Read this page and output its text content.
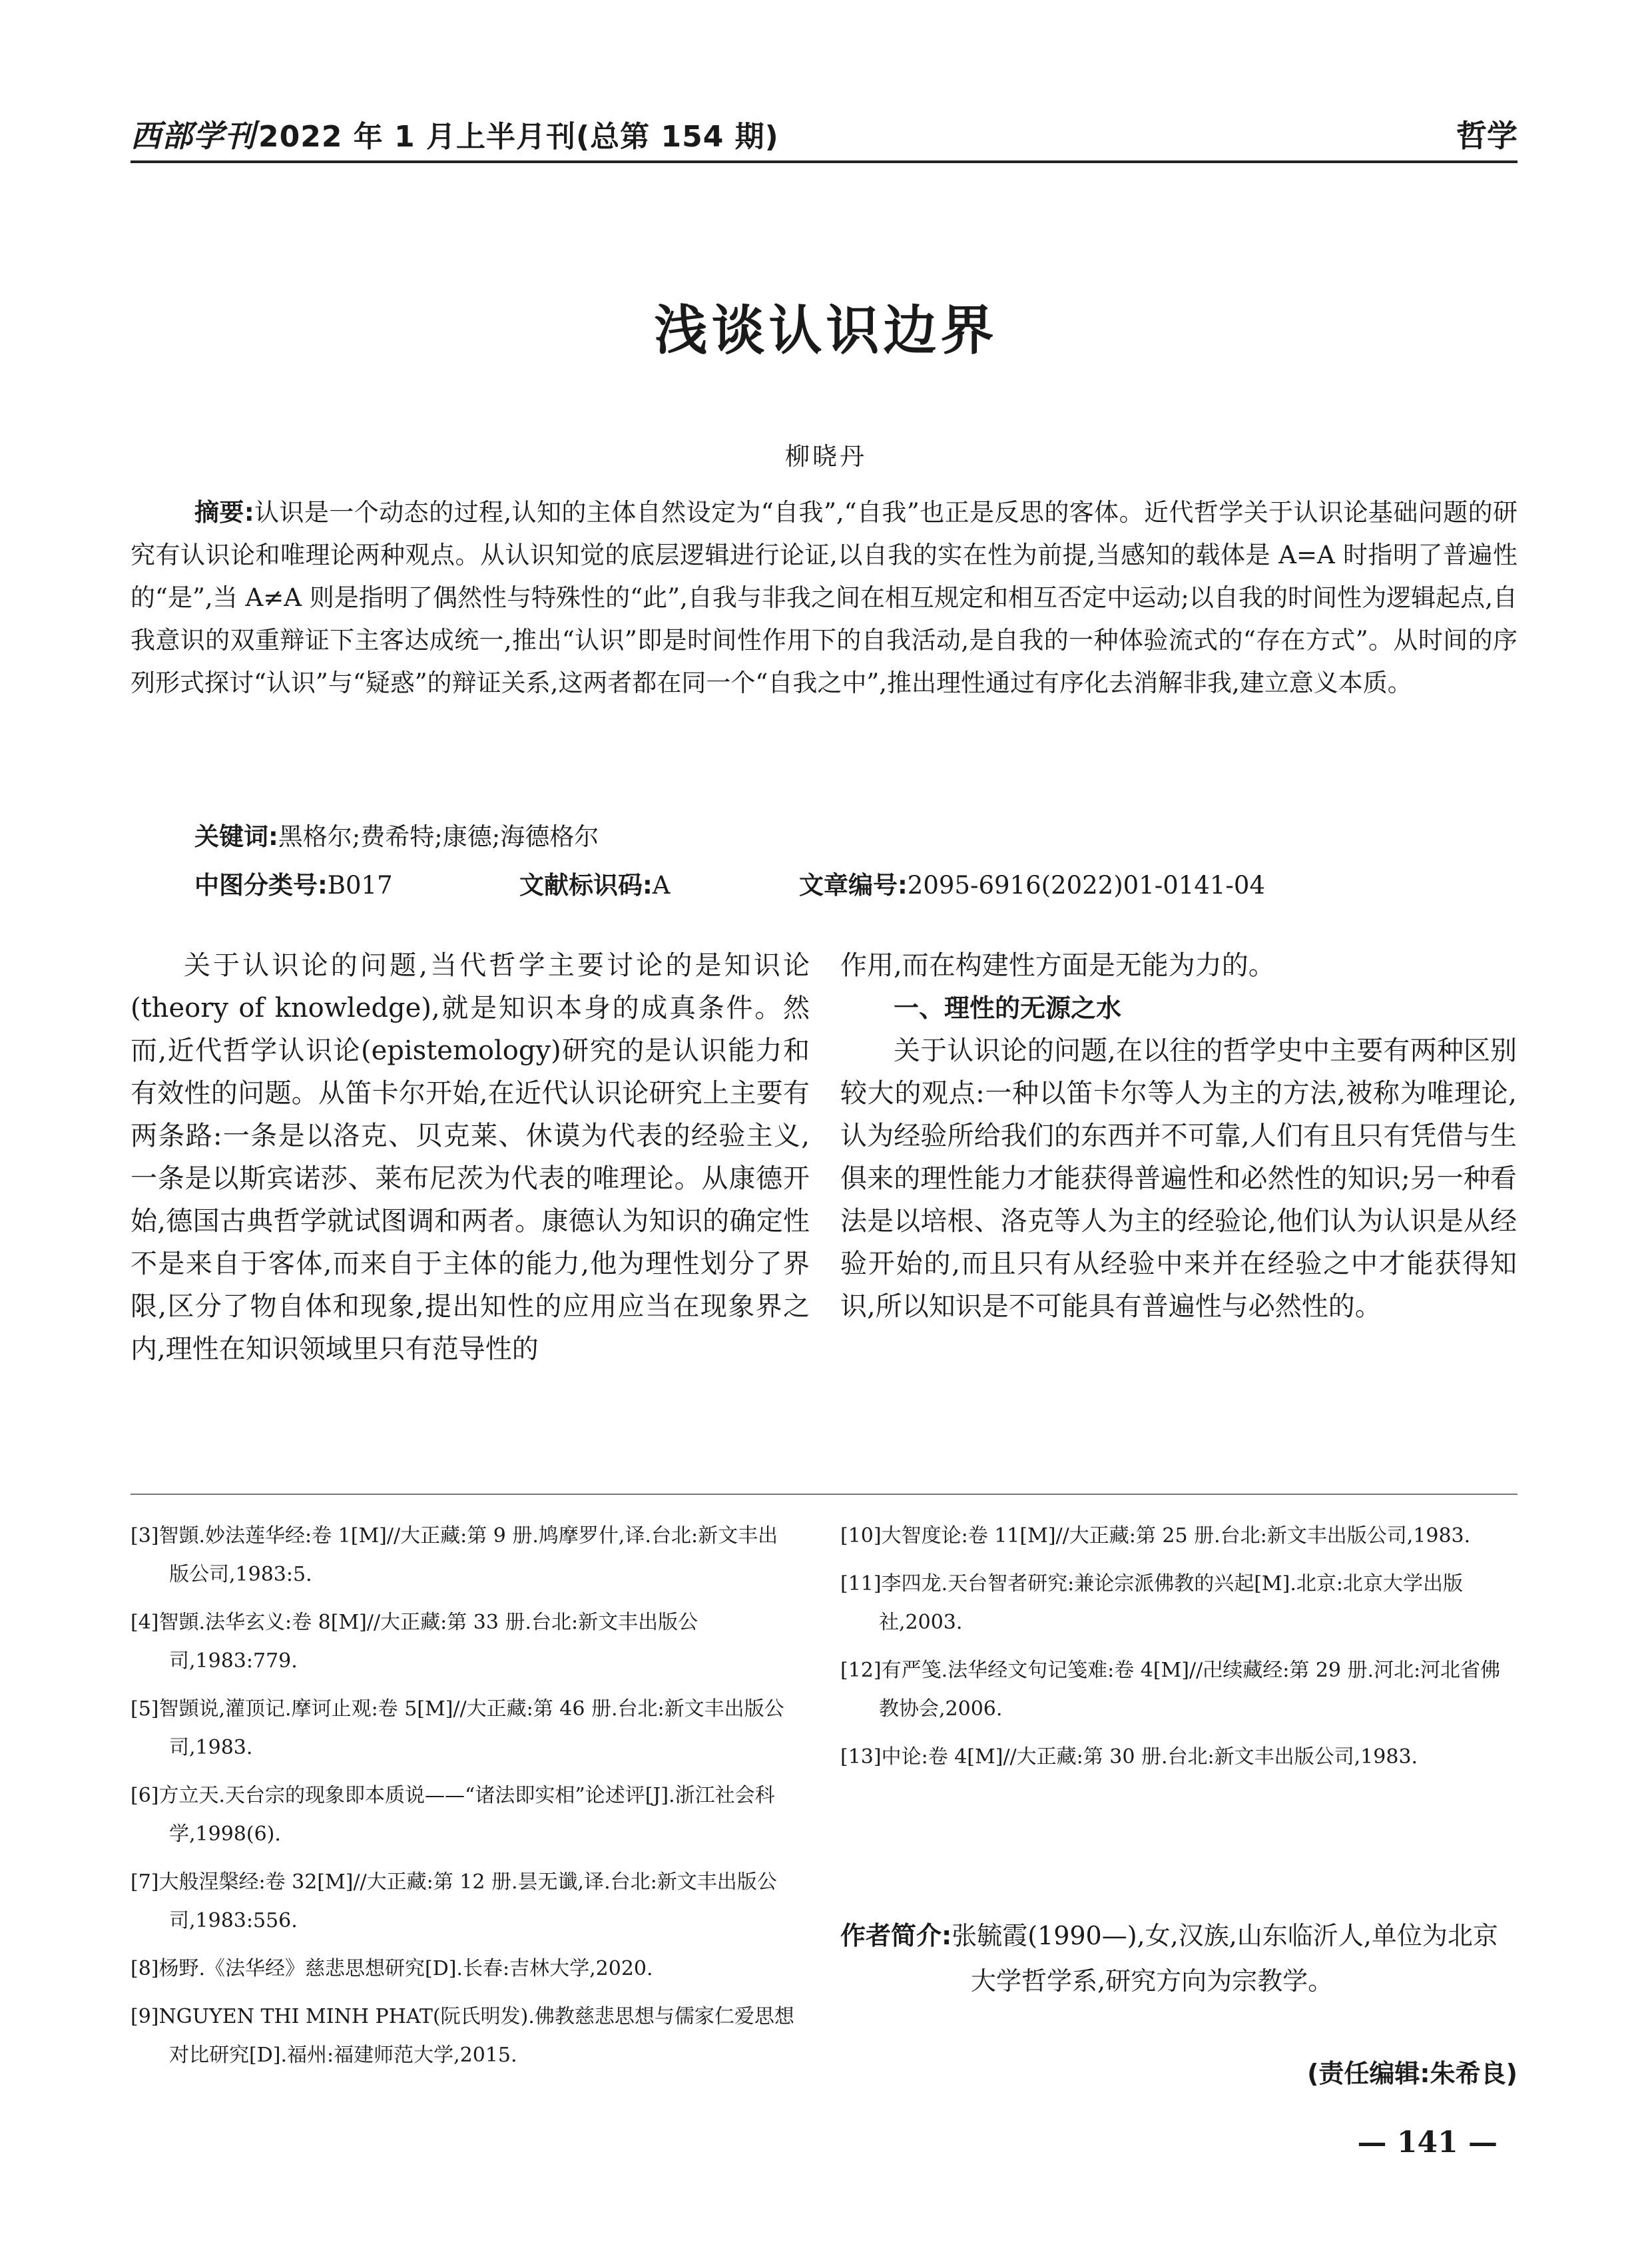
西部学刊2022 年 1 月上半月刊(总第 154 期)	哲学
浅谈认识边界
柳晓丹
摘要:认识是一个动态的过程,认知的主体自然设定为“自我”,“自我”也正是反思的客体。近代哲学关于认识论基础问题的研究有认识论和唯理论两种观点。从认识知觉的底层逻辑进行论证,以自我的实在性为前提,当感知的载体是 A=A 时指明了普遍性的“是”,当 A≠A 则是指明了偶然性与特殊性的“此”,自我与非我之间在相互规定和相互否定中运动;以自我的时间性为逻辑起点,自我意识的双重辩证下主客达成统一,推出“认识”即是时间性作用下的自我活动,是自我的一种体验流式的“存在方式”。从时间的序列形式探讨“认识”与“疑惑”的辩证关系,这两者都在同一个“自我之中”,推出理性通过有序化去消解非我,建立意义本质。
关键词:黑格尔;费希特;康德;海德格尔
中图分类号:B017	文献标识码:A	文章编号:2095-6916(2022)01-0141-04

关于认识论的问题,当代哲学主要讨论的是知识论(theory of knowledge),就是知识本身的成真条件。然而,近代哲学认识论(epistemology)研究的是认识能力和有效性的问题。从笛卡尔开始,在近代认识论研究上主要有两条路:一条是以洛克、贝克莱、休谟为代表的经验主义,一条是以斯宾诺莎、莱布尼茨为代表的唯理论。从康德开始,德国古典哲学就试图调和两者。康德认为知识的确定性不是来自于客体,而来自于主体的能力,他为理性划分了界限,区分了物自体和现象,提出知性的应用应当在现象界之内,理性在知识领域里只有范导性的

作用,而在构建性方面是无能为力的。

一、理性的无源之水

关于认识论的问题,在以往的哲学史中主要有两种区别较大的观点:一种以笛卡尔等人为主的方法,被称为唯理论,认为经验所给我们的东西并不可靠,人们有且只有凭借与生俱来的理性能力才能获得普遍性和必然性的知识;另一种看法是以培根、洛克等人为主的经验论,他们认为认识是从经验开始的,而且只有从经验中来并在经验之中才能获得知识,所以知识是不可能具有普遍性与必然性的。

[3]智顗.妙法莲华经:卷 1[M]//大正藏:第 9 册.鸠摩罗什,译.台北:新文丰出版公司,1983:5.
[4]智顗.法华玄义:卷 8[M]//大正藏:第 33 册.台北:新文丰出版公司,1983:779.
[5]智顗说,灌顶记.摩诃止观:卷 5[M]//大正藏:第 46 册.台北:新文丰出版公司,1983.
[6]方立天.天台宗的现象即本质说——“诸法即实相”论述评[J].浙江社会科学,1998(6).
[7]大般涅槃经:卷 32[M]//大正藏:第 12 册.昙无谶,译.台北:新文丰出版公司,1983:556.
[8]杨野.《法华经》慈悲思想研究[D].长春:吉林大学,2020.
[9]NGUYEN THI MINH PHAT(阮氏明发).佛教慈悲思想与儒家仁爱思想对比研究[D].福州:福建师范大学,2015.
[10]大智度论:卷 11[M]//大正藏:第 25 册.台北:新文丰出版公司,1983.
[11]李四龙.天台智者研究:兼论宗派佛教的兴起[M].北京:北京大学出版社,2003.
[12]有严笺.法华经文句记笺难:卷 4[M]//卍续藏经:第 29 册.河北:河北省佛教协会,2006.
[13]中论:卷 4[M]//大正藏:第 30 册.台北:新文丰出版公司,1983.
作者简介:张毓霞(1990—),女,汉族,山东临沂人,单位为北京大学哲学系,研究方向为宗教学。
(责任编辑:朱希良)
— 141 —
